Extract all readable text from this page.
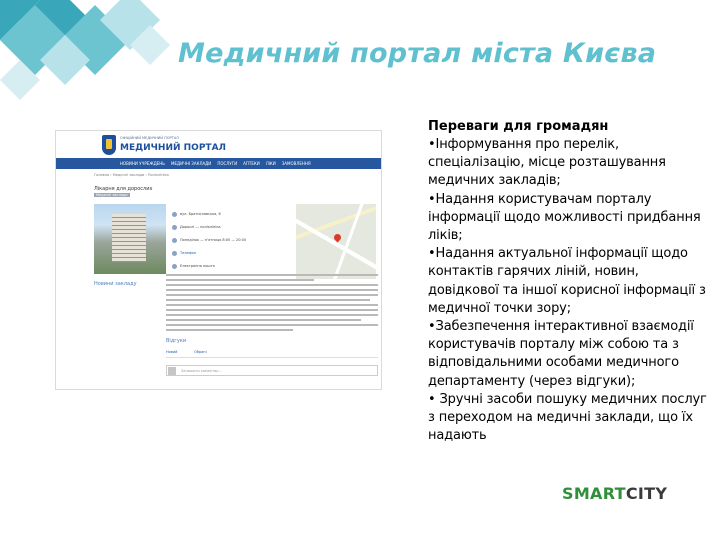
Медичний портал міста Києва
ОФІЦІЙНИЙ МЕДИЧНИЙ ПОРТАЛ
МЕДИЧНИЙ ПОРТАЛ
НОВИНИ УЧРЕЖДЕНЬ МЕДИЧНІ ЗАКЛАДИ ПОСЛУГИ АПТЕКИ ЛІКИ ЗАМОВЛЕННЯ
Головна › Медичні заклади › Поліклініка
Лікарня для дорослих
Медичні заклади
вул. Братиславська, 6
Дорослі — поліклініка
Понеділок — п'ятниця 8:00 — 20:00
Телефон
Електронна пошта
Новини закладу
Відгуки
Новий	Обрані
Залишити коментар...
Переваги для громадян
•Інформування про перелік, спеціалізацію, місце розташування медичних закладів;
•Надання користувачам порталу інформації щодо можливості придбання ліків;
•Надання актуальної інформації щодо контактів гарячих ліній, новин, довідкової та іншої корисної інформації з медичної точки зору;
•Забезпечення інтерактивної взаємодії користувачів порталу між собою та з відповідальними особами медичного департаменту (через відгуки);
• Зручні засоби пошуку медичних послуг з переходом на медичні заклади, що їх надають
SMARTCITY
